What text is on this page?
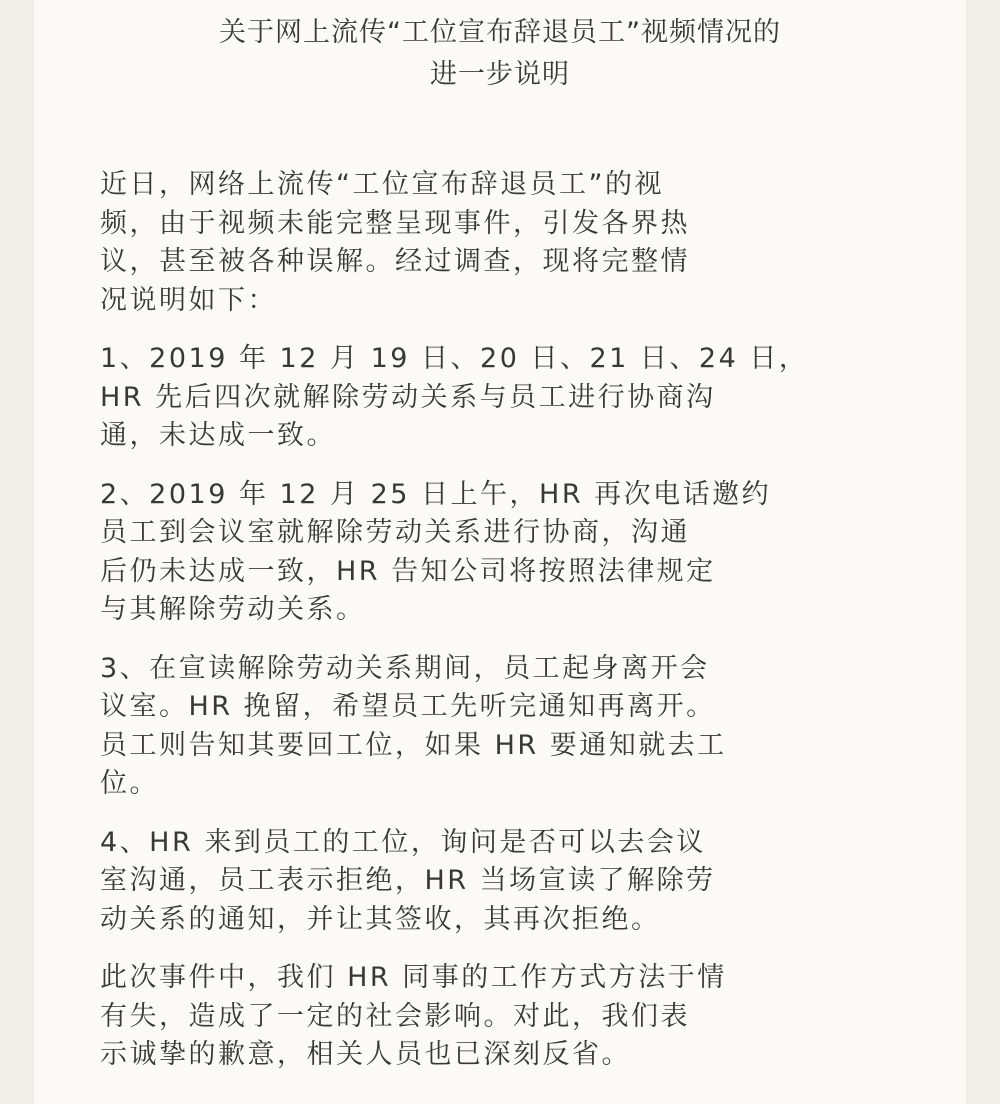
关于网上流传“工位宣布辞退员工”视频情况的
进一步说明
近日，网络上流传“工位宣布辞退员工”的视
频，由于视频未能完整呈现事件，引发各界热
议，甚至被各种误解。经过调查，现将完整情
况说明如下：
1、2019 年 12 月 19 日、20 日、21 日、24 日，
HR 先后四次就解除劳动关系与员工进行协商沟
通，未达成一致。
2、2019 年 12 月 25 日上午，HR 再次电话邀约
员工到会议室就解除劳动关系进行协商，沟通
后仍未达成一致，HR 告知公司将按照法律规定
与其解除劳动关系。
3、在宣读解除劳动关系期间，员工起身离开会
议室。HR 挽留，希望员工先听完通知再离开。
员工则告知其要回工位，如果 HR 要通知就去工
位。
4、HR 来到员工的工位，询问是否可以去会议
室沟通，员工表示拒绝，HR 当场宣读了解除劳
动关系的通知，并让其签收，其再次拒绝。
此次事件中，我们 HR 同事的工作方式方法于情
有失，造成了一定的社会影响。对此，我们表
示诚挚的歉意，相关人员也已深刻反省。
